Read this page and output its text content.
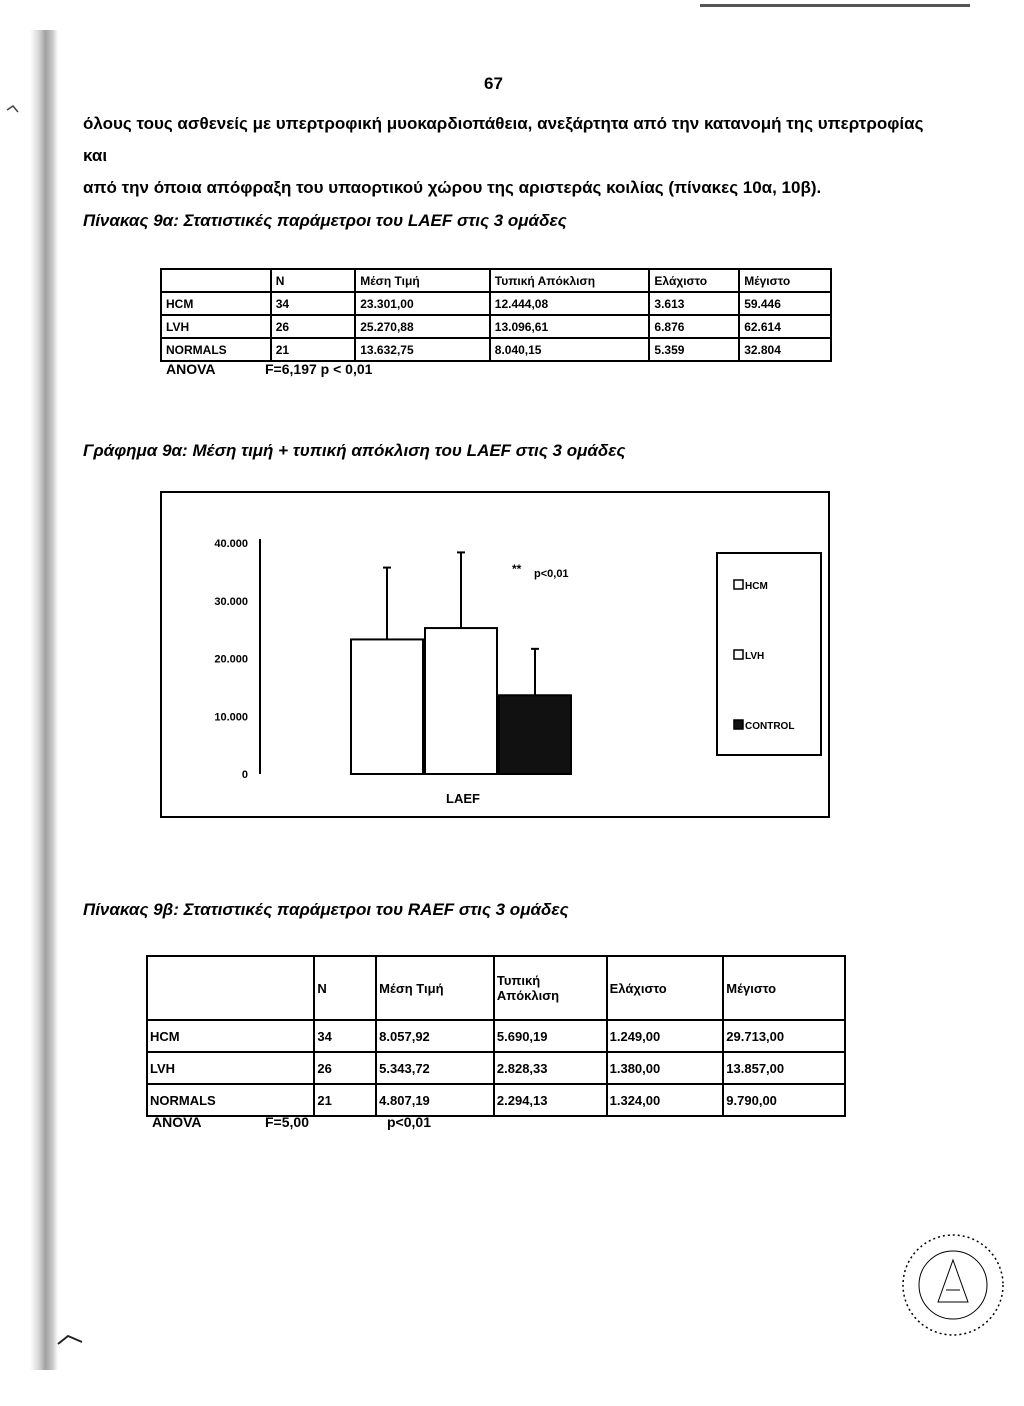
67
όλους τους ασθενείς με υπερτροφική μυοκαρδιοπάθεια, ανεξάρτητα από την κατανομή της υπερτροφίας και
από την όποια απόφραξη του υπαορτικού χώρου της αριστεράς κοιλίας (πίνακες 10α, 10β).
Πίνακας 9α: Στατιστικές παράμετροι του LAEF στις 3 ομάδες
	N	Μέση Τιμή	Τυπική Απόκλιση	Ελάχιστο	Μέγιστο
HCM	34	23.301,00	12.444,08	3.613	59.446
LVH	26	25.270,88	13.096,61	6.876	62.614
NORMALS	21	13.632,75	8.040,15	5.359	32.804
ANOVA	F=6,197 p < 0,01
Γράφημα 9α: Μέση τιμή + τυπική απόκλιση του LAEF στις 3 ομάδες
0
10.000
20.000
30.000
40.000
** p<0,01
LAEF
HCM
LVH
CONTROL
Πίνακας 9β: Στατιστικές παράμετροι του RAEF στις 3 ομάδες
	N	Μέση Τιμή	Τυπική Απόκλιση	Ελάχιστο	Μέγιστο
HCM	34	8.057,92	5.690,19	1.249,00	29.713,00
LVH	26	5.343,72	2.828,33	1.380,00	13.857,00
NORMALS	21	4.807,19	2.294,13	1.324,00	9.790,00
ANOVA	F=5,00	p<0,01
